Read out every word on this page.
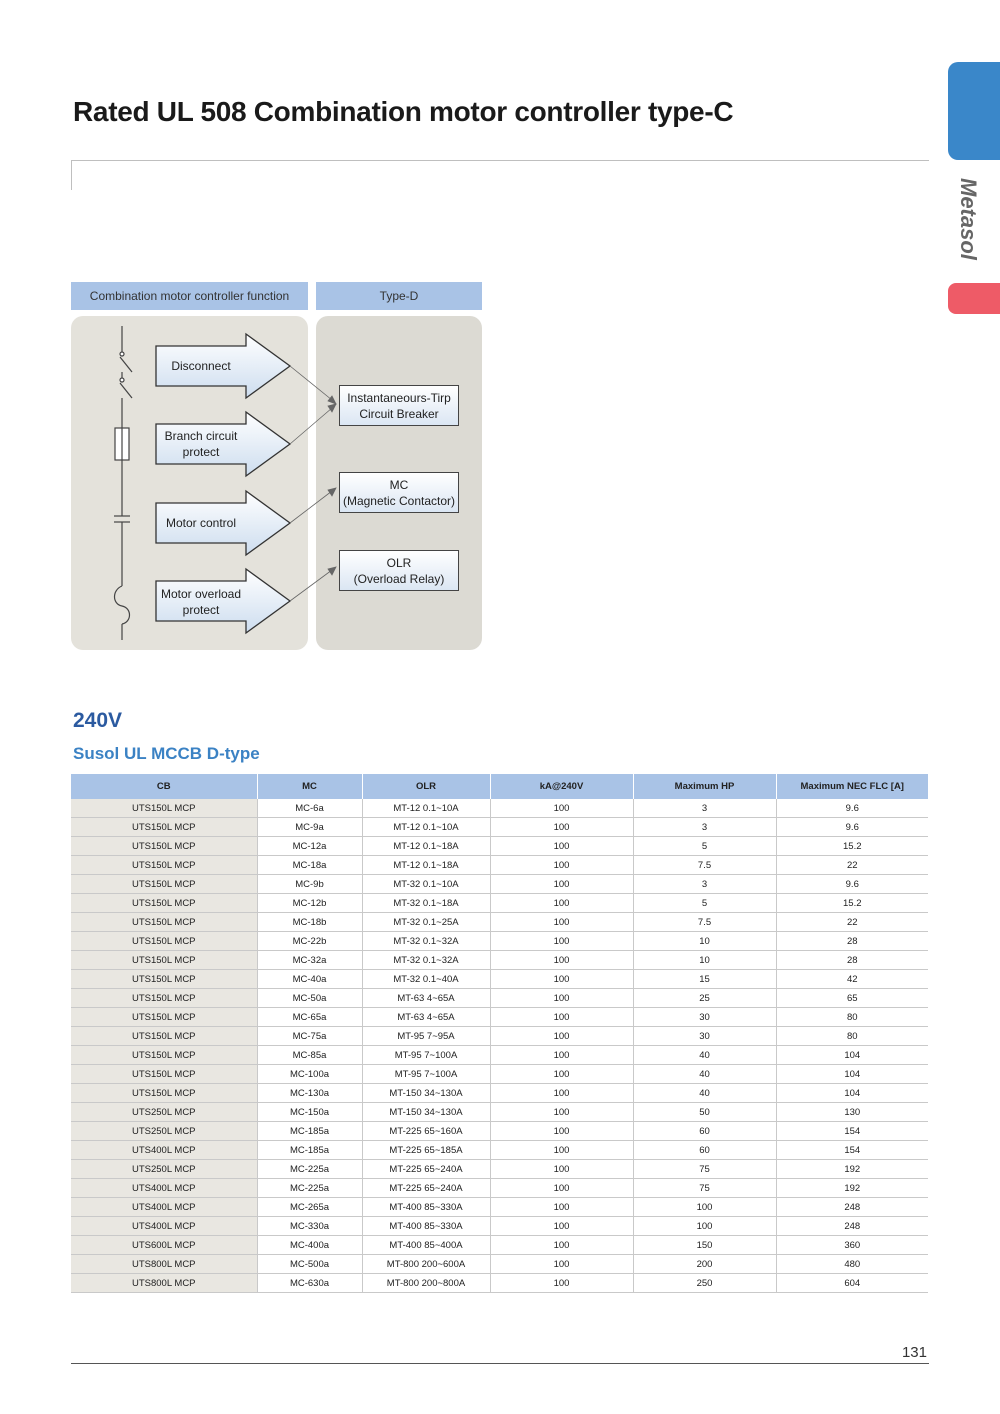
Rated UL 508 Combination motor controller type-C
Metasol
Combination motor controller function	Type-D
Disconnect
Branch circuit
protect
Motor control
Motor overload
protect
Instantaneours-Tirp
Circuit Breaker
MC
(Magnetic Contactor)
OLR
(Overload Relay)
240V
Susol UL MCCB D-type
CB	MC	OLR	kA@240V	Maximum HP	Maximum NEC FLC [A]
UTS150L MCP	MC-6a	MT-12 0.1~10A	100	3	9.6
UTS150L MCP	MC-9a	MT-12 0.1~10A	100	3	9.6
UTS150L MCP	MC-12a	MT-12 0.1~18A	100	5	15.2
UTS150L MCP	MC-18a	MT-12 0.1~18A	100	7.5	22
UTS150L MCP	MC-9b	MT-32 0.1~10A	100	3	9.6
UTS150L MCP	MC-12b	MT-32 0.1~18A	100	5	15.2
UTS150L MCP	MC-18b	MT-32 0.1~25A	100	7.5	22
UTS150L MCP	MC-22b	MT-32 0.1~32A	100	10	28
UTS150L MCP	MC-32a	MT-32 0.1~32A	100	10	28
UTS150L MCP	MC-40a	MT-32 0.1~40A	100	15	42
UTS150L MCP	MC-50a	MT-63 4~65A	100	25	65
UTS150L MCP	MC-65a	MT-63 4~65A	100	30	80
UTS150L MCP	MC-75a	MT-95 7~95A	100	30	80
UTS150L MCP	MC-85a	MT-95 7~100A	100	40	104
UTS150L MCP	MC-100a	MT-95 7~100A	100	40	104
UTS150L MCP	MC-130a	MT-150 34~130A	100	40	104
UTS250L MCP	MC-150a	MT-150 34~130A	100	50	130
UTS250L MCP	MC-185a	MT-225 65~160A	100	60	154
UTS400L MCP	MC-185a	MT-225 65~185A	100	60	154
UTS250L MCP	MC-225a	MT-225 65~240A	100	75	192
UTS400L MCP	MC-225a	MT-225 65~240A	100	75	192
UTS400L MCP	MC-265a	MT-400 85~330A	100	100	248
UTS400L MCP	MC-330a	MT-400 85~330A	100	100	248
UTS600L MCP	MC-400a	MT-400 85~400A	100	150	360
UTS800L MCP	MC-500a	MT-800 200~600A	100	200	480
UTS800L MCP	MC-630a	MT-800 200~800A	100	250	604
131
